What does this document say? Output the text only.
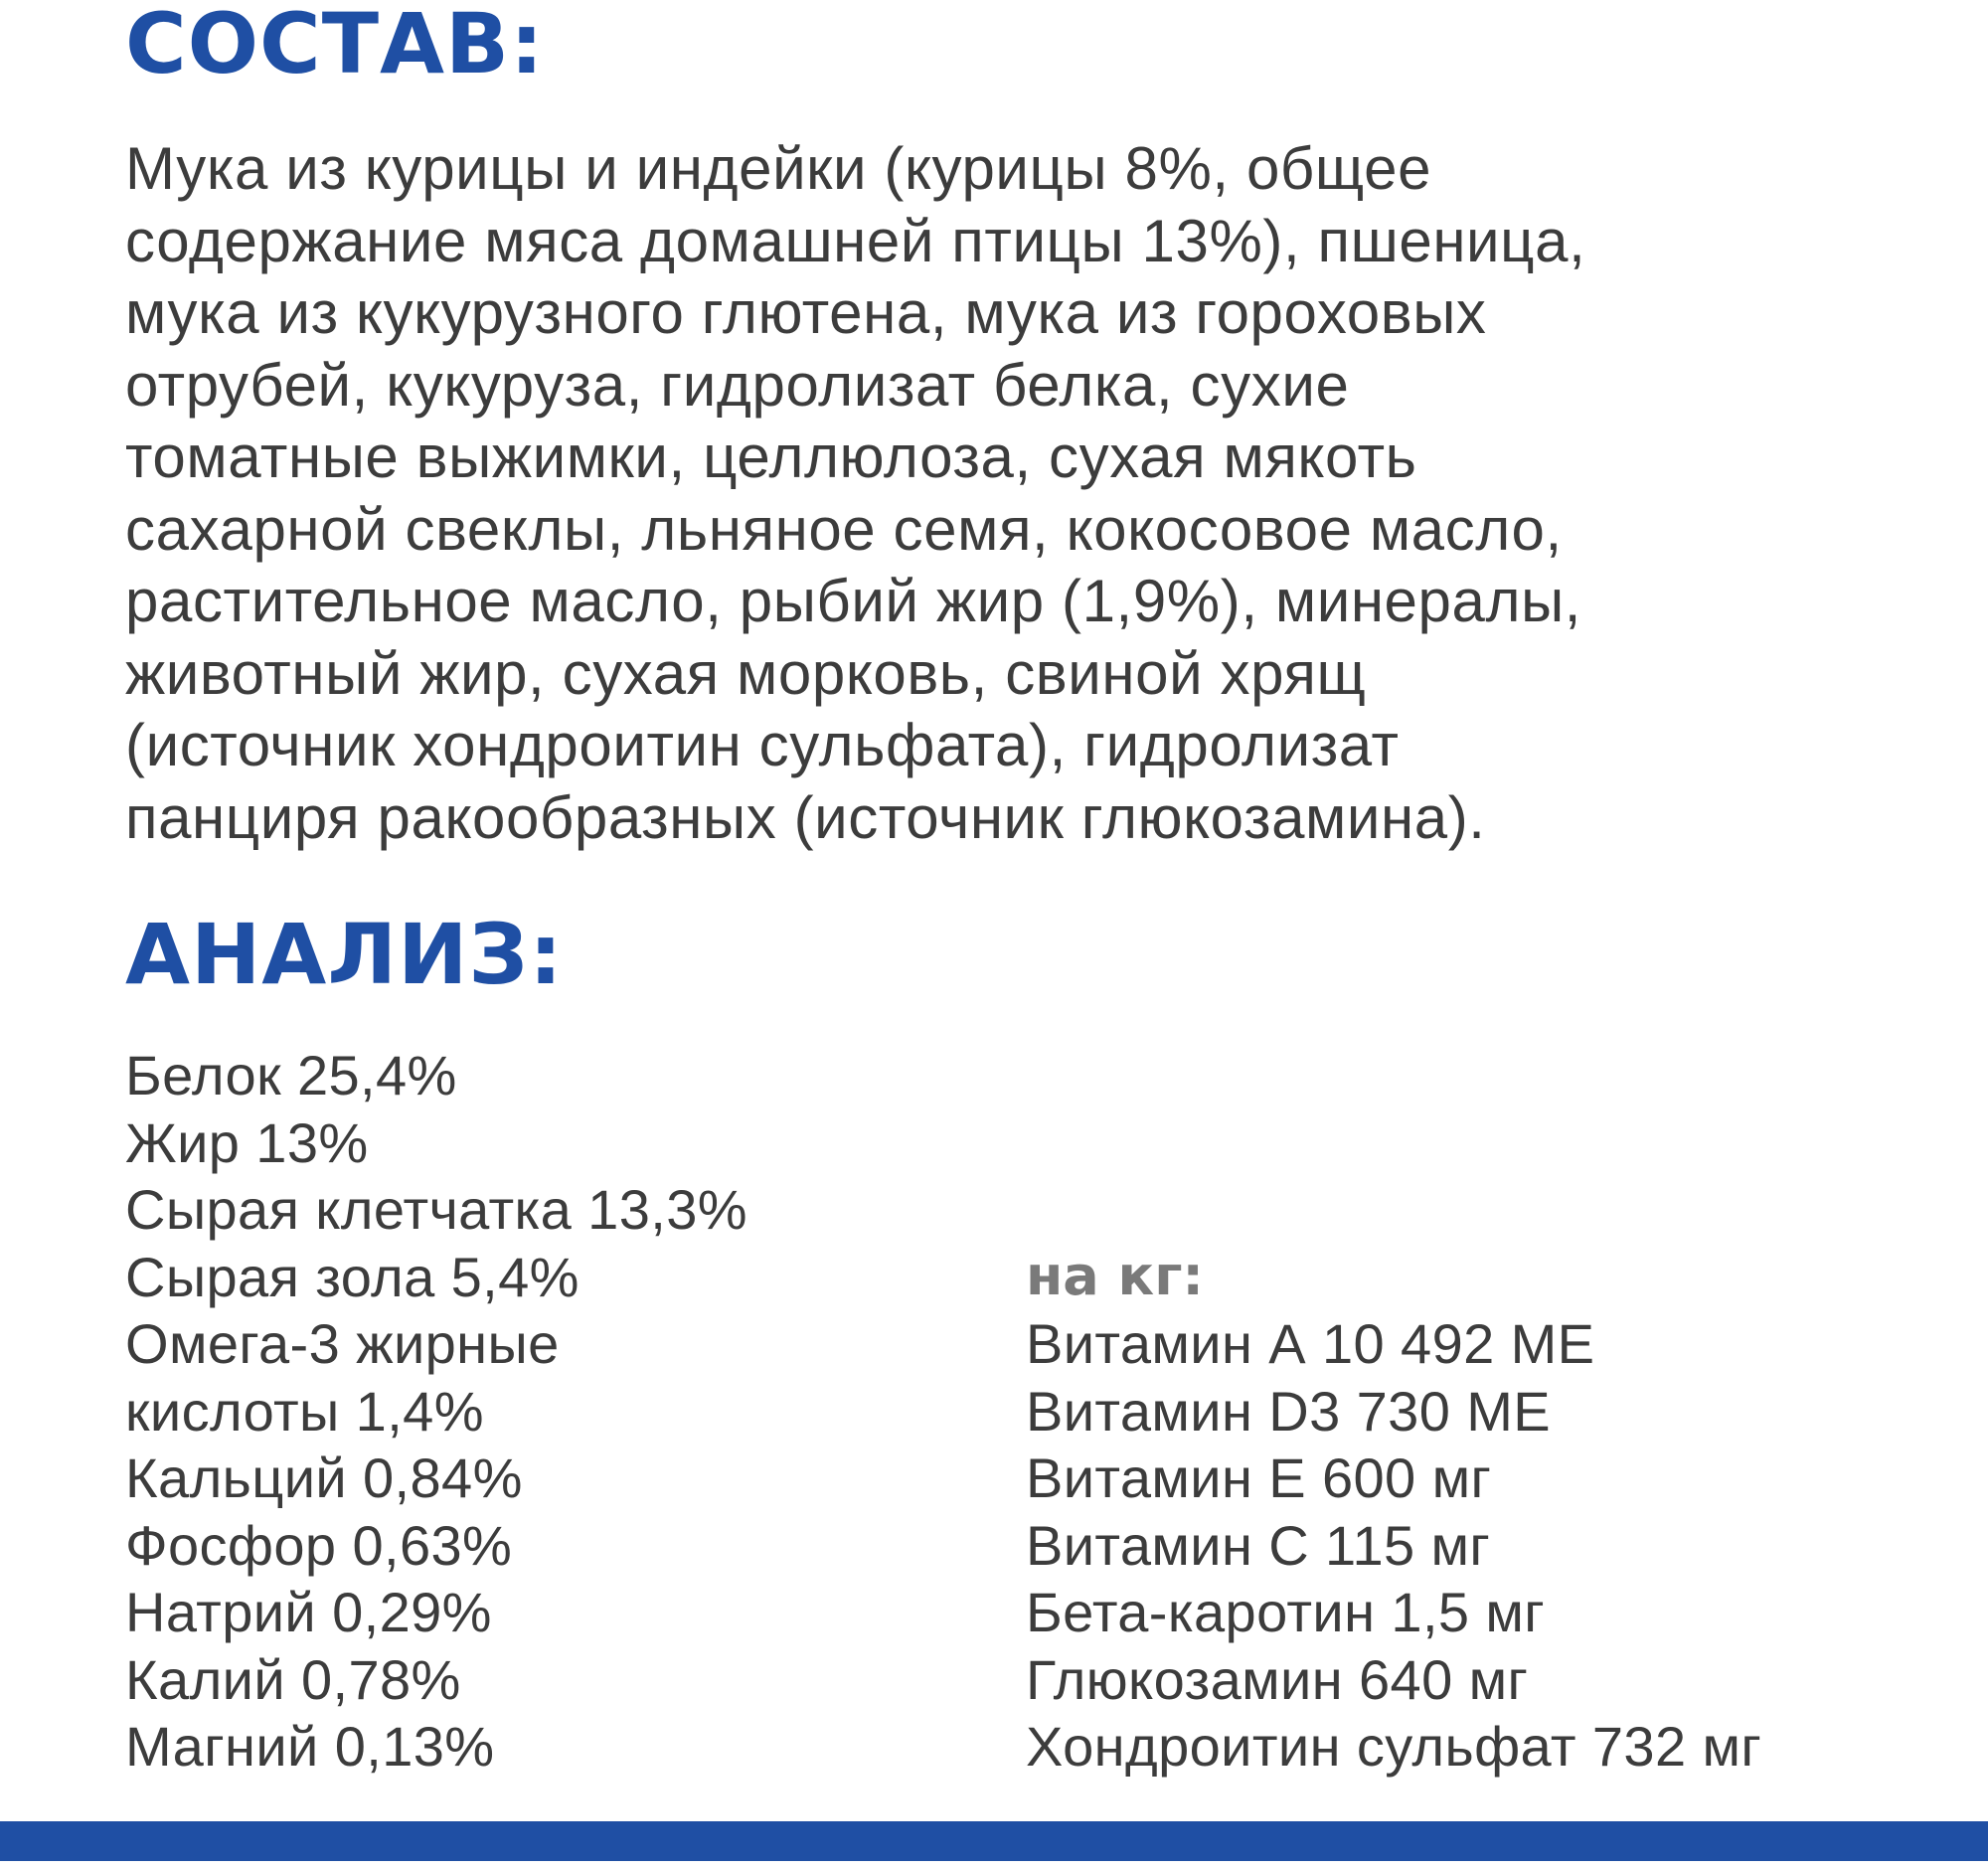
СОСТАВ:

Мука из курицы и индейки (курицы 8%, общее
содержание мяса домашней птицы 13%), пшеница,
мука из кукурузного глютена, мука из гороховых
отрубей, кукуруза, гидролизат белка, сухие
томатные выжимки, целлюлоза, сухая мякоть
сахарной свеклы, льняное семя, кокосовое масло,
растительное масло, рыбий жир (1,9%), минералы,
животный жир, сухая морковь, свиной хрящ
(источник хондроитин сульфата), гидролизат
панциря ракообразных (источник глюкозамина).

АНАЛИЗ:
Белок 25,4%
Жир 13%
Сырая клетчатка 13,3%
Сырая зола 5,4%
Омега-3 жирные
кислоты 1,4%
Кальций 0,84%
Фосфор 0,63%
Натрий 0,29%
Калий 0,78%
Магний 0,13%
на кг:
Витамин А 10 492 МЕ
Витамин D3 730 МЕ
Витамин Е 600 мг
Витамин С 115 мг
Бета-каротин 1,5 мг
Глюкозамин 640 мг
Хондроитин сульфат 732 мг
